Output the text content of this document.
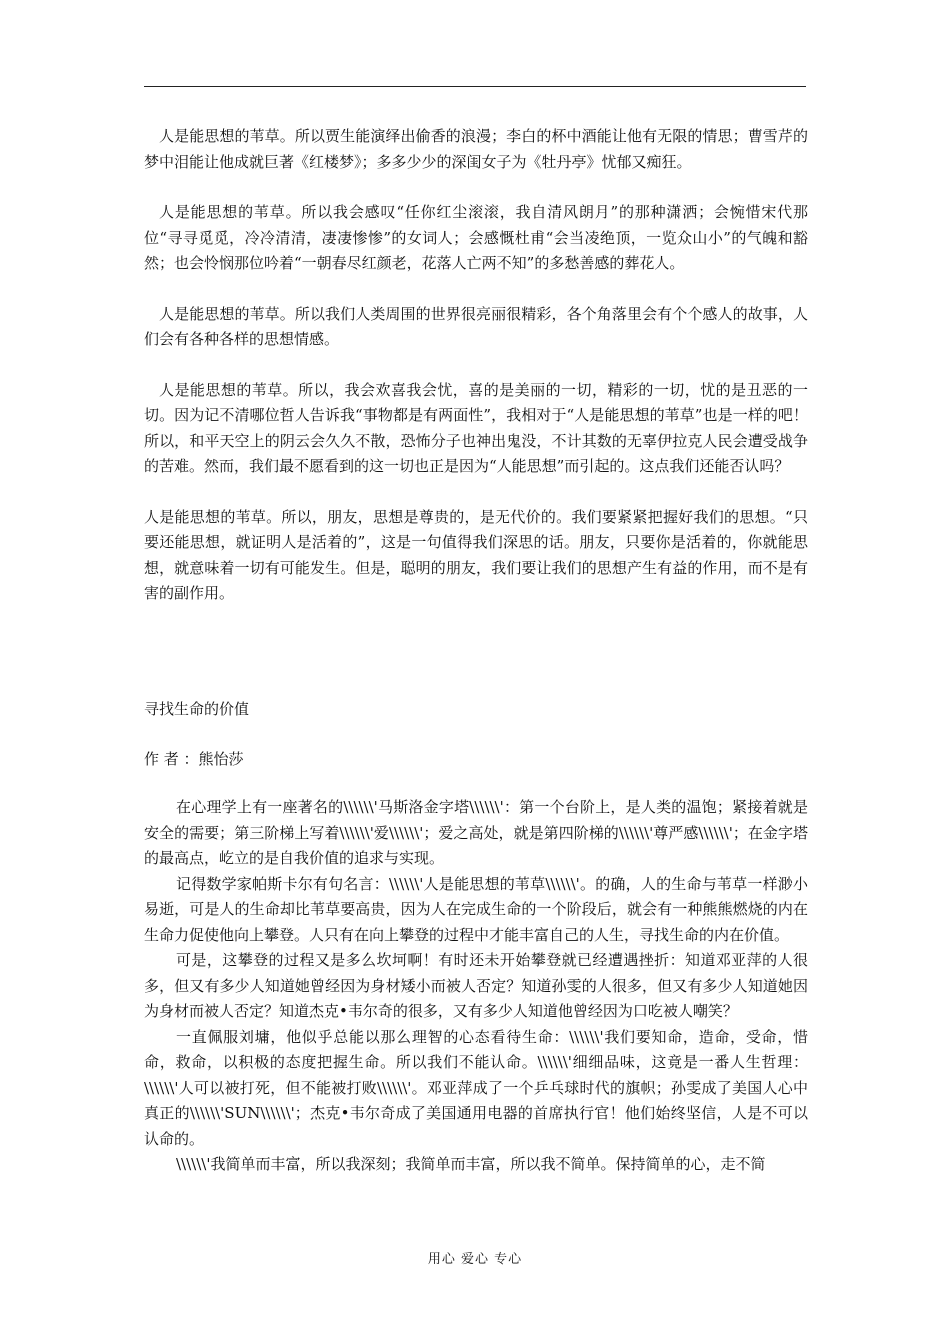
人是能思想的苇草。所以贾生能演绎出偷香的浪漫；李白的杯中酒能让他有无限的情思；曹雪芹的梦中泪能让他成就巨著《红楼梦》；多多少少的深闺女子为《牡丹亭》忧郁又痴狂。

人是能思想的苇草。所以我会感叹“任你红尘滚滚，我自清风朗月”的那种潇洒；会惋惜宋代那位“寻寻觅觅，冷冷清清，凄凄惨惨”的女词人；会感慨杜甫“会当凌绝顶，一览众山小”的气魄和豁然；也会怜悯那位吟着“一朝春尽红颜老，花落人亡两不知”的多愁善感的葬花人。

人是能思想的苇草。所以我们人类周围的世界很亮丽很精彩，各个角落里会有个个感人的故事，人们会有各种各样的思想情感。

人是能思想的苇草。所以，我会欢喜我会忧，喜的是美丽的一切，精彩的一切，忧的是丑恶的一切。因为记不清哪位哲人告诉我“事物都是有两面性”，我相对于“人是能思想的苇草”也是一样的吧！所以，和平天空上的阴云会久久不散，恐怖分子也神出鬼没，不计其数的无辜伊拉克人民会遭受战争的苦难。然而，我们最不愿看到的这一切也正是因为“人能思想”而引起的。这点我们还能否认吗？

人是能思想的苇草。所以，朋友，思想是尊贵的，是无代价的。我们要紧紧把握好我们的思想。“只要还能思想，就证明人是活着的”，这是一句值得我们深思的话。朋友，只要你是活着的，你就能思想，就意味着一切有可能发生。但是，聪明的朋友，我们要让我们的思想产生有益的作用，而不是有害的副作用。

寻找生命的价值

作 者 ：熊怡莎

在心理学上有一座著名的\\\\\\'马斯洛金字塔\\\\\\'：第一个台阶上，是人类的温饱；紧接着就是安全的需要；第三阶梯上写着\\\\\\'爱\\\\\\'；爱之高处，就是第四阶梯的\\\\\\'尊严感\\\\\\'；在金字塔的最高点，屹立的是自我价值的追求与实现。

记得数学家帕斯卡尔有句名言：\\\\\\'人是能思想的苇草\\\\\\'。的确，人的生命与苇草一样渺小易逝，可是人的生命却比苇草要高贵，因为人在完成生命的一个阶段后，就会有一种熊熊燃烧的内在生命力促使他向上攀登。人只有在向上攀登的过程中才能丰富自己的人生，寻找生命的内在价值。

可是，这攀登的过程又是多么坎坷啊！有时还未开始攀登就已经遭遇挫折：知道邓亚萍的人很多，但又有多少人知道她曾经因为身材矮小而被人否定？知道孙雯的人很多，但又有多少人知道她因为身材而被人否定？知道杰克•韦尔奇的很多，又有多少人知道他曾经因为口吃被人嘲笑？

一直佩服刘墉，他似乎总能以那么理智的心态看待生命：\\\\\\'我们要知命，造命，受命，惜命，救命，以积极的态度把握生命。所以我们不能认命。\\\\\\'细细品味，这竟是一番人生哲理：\\\\\\'人可以被打死，但不能被打败\\\\\\'。邓亚萍成了一个乒乓球时代的旗帜；孙雯成了美国人心中真正的\\\\\\'SUN\\\\\\'；杰克•韦尔奇成了美国通用电器的首席执行官！他们始终坚信，人是不可以认命的。

\\\\\\'我简单而丰富，所以我深刻；我简单而丰富，所以我不简单。保持简单的心，走不简

用心 爱心 专心
